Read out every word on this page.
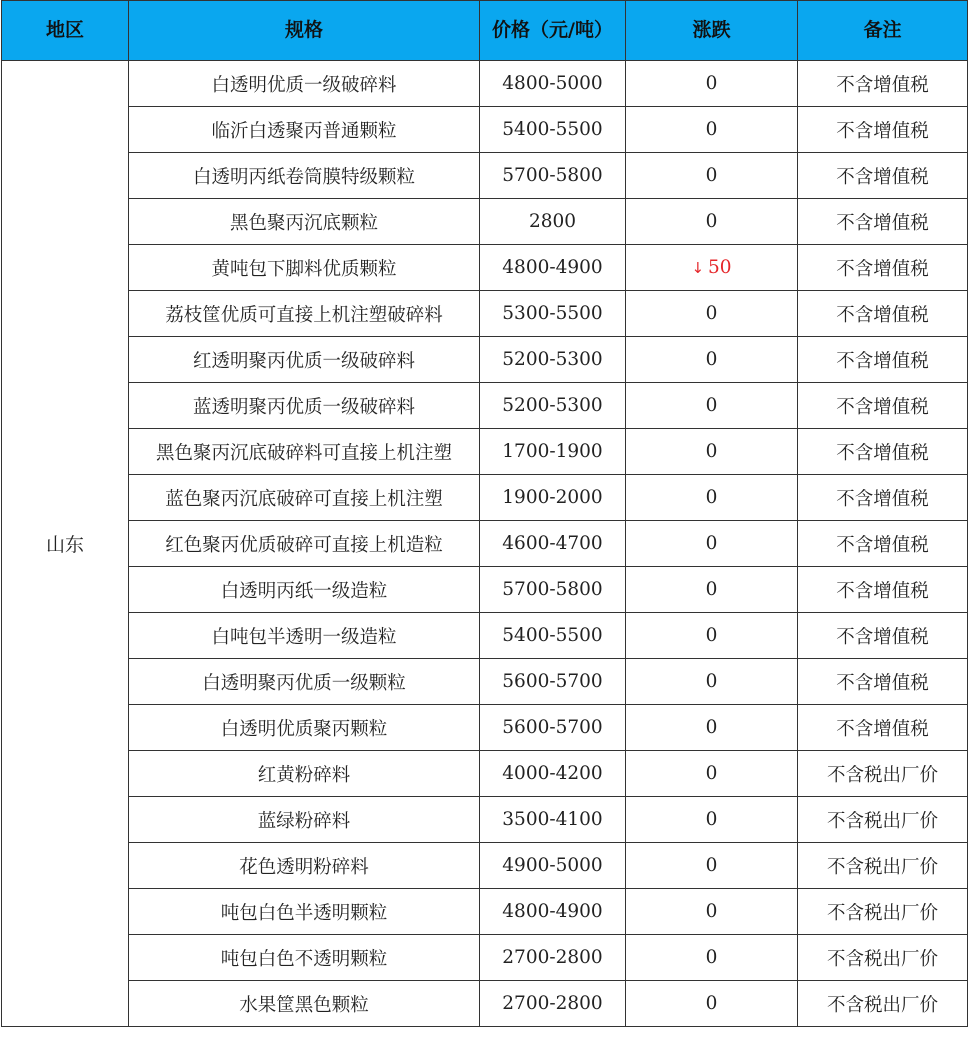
地区	规格	价格（元/吨）	涨跌	备注
山东	白透明优质一级破碎料	4800-5000	0	不含增值税
	临沂白透聚丙普通颗粒	5400-5500	0	不含增值税
	白透明丙纸卷筒膜特级颗粒	5700-5800	0	不含增值税
	黑色聚丙沉底颗粒	2800	0	不含增值税
	黄吨包下脚料优质颗粒	4800-4900	↓ 50	不含增值税
	荔枝筐优质可直接上机注塑破碎料	5300-5500	0	不含增值税
	红透明聚丙优质一级破碎料	5200-5300	0	不含增值税
	蓝透明聚丙优质一级破碎料	5200-5300	0	不含增值税
	黑色聚丙沉底破碎料可直接上机注塑	1700-1900	0	不含增值税
	蓝色聚丙沉底破碎可直接上机注塑	1900-2000	0	不含增值税
	红色聚丙优质破碎可直接上机造粒	4600-4700	0	不含增值税
	白透明丙纸一级造粒	5700-5800	0	不含增值税
	白吨包半透明一级造粒	5400-5500	0	不含增值税
	白透明聚丙优质一级颗粒	5600-5700	0	不含增值税
	白透明优质聚丙颗粒	5600-5700	0	不含增值税
	红黄粉碎料	4000-4200	0	不含税出厂价
	蓝绿粉碎料	3500-4100	0	不含税出厂价
	花色透明粉碎料	4900-5000	0	不含税出厂价
	吨包白色半透明颗粒	4800-4900	0	不含税出厂价
	吨包白色不透明颗粒	2700-2800	0	不含税出厂价
	水果筐黑色颗粒	2700-2800	0	不含税出厂价
